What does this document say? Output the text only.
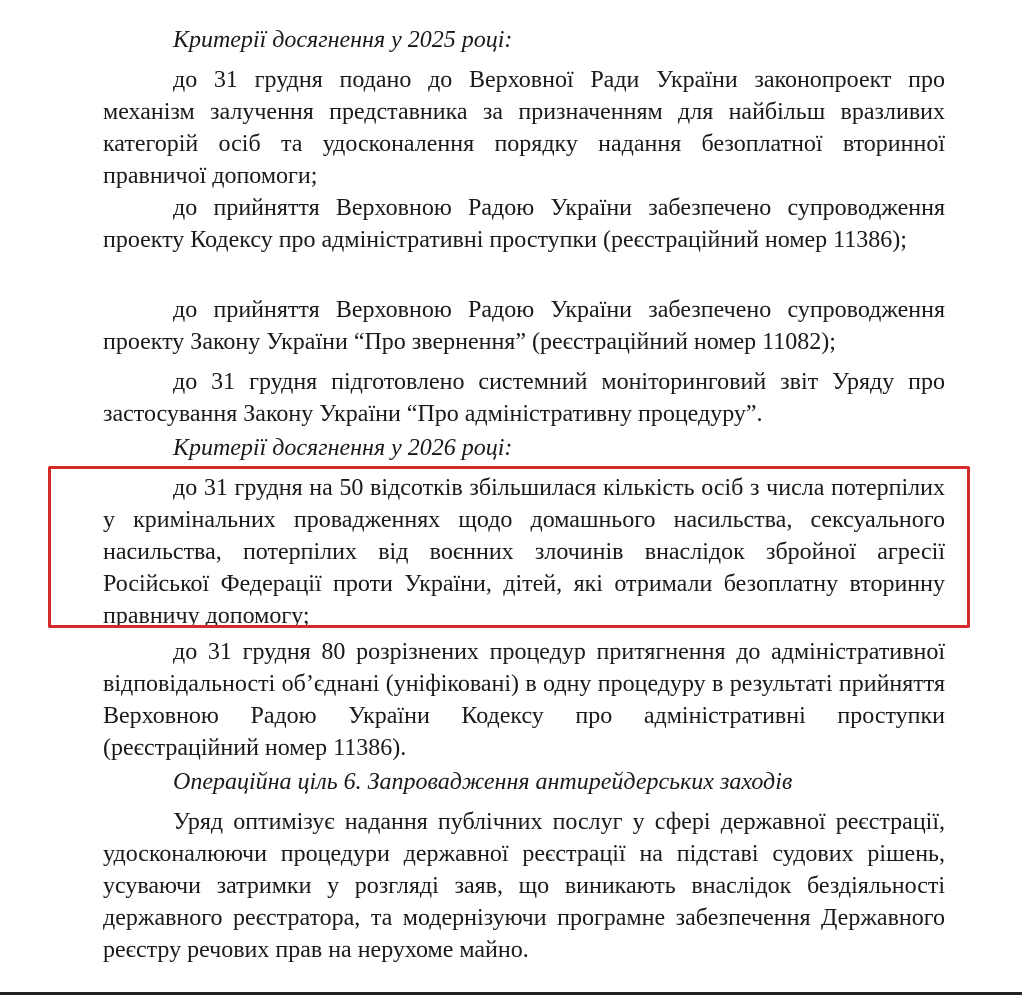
Критерії досягнення у 2025 році:

до 31 грудня подано до Верховної Ради України законопроект про механізм залучення представника за призначенням для найбільш вразливих категорій осіб та удосконалення порядку надання безоплатної вторинної правничої допомоги;

до прийняття Верховною Радою України забезпечено супроводження проекту Кодексу про адміністративні проступки (реєстраційний номер 11386);

до прийняття Верховною Радою України забезпечено супроводження проекту Закону України “Про звернення” (реєстраційний номер 11082);

до 31 грудня підготовлено системний моніторинговий звіт Уряду про застосування Закону України “Про адміністративну процедуру”.

Критерії досягнення у 2026 році:

до 31 грудня на 50 відсотків збільшилася кількість осіб з числа потерпілих у кримінальних провадженнях щодо домашнього насильства, сексуального насильства, потерпілих від воєнних злочинів внаслідок збройної агресії Російської Федерації проти України, дітей, які отримали безоплатну вторинну правничу допомогу;

до 31 грудня 80 розрізнених процедур притягнення до адміністративної відповідальності об’єднані (уніфіковані) в одну процедуру в результаті прийняття Верховною Радою України Кодексу про адміністративні проступки (реєстраційний номер 11386).

Операційна ціль 6. Запровадження антирейдерських заходів

Уряд оптимізує надання публічних послуг у сфері державної реєстрації, удосконалюючи процедури державної реєстрації на підставі судових рішень, усуваючи затримки у розгляді заяв, що виникають внаслідок бездіяльності державного реєстратора, та модернізуючи програмне забезпечення Державного реєстру речових прав на нерухоме майно.
